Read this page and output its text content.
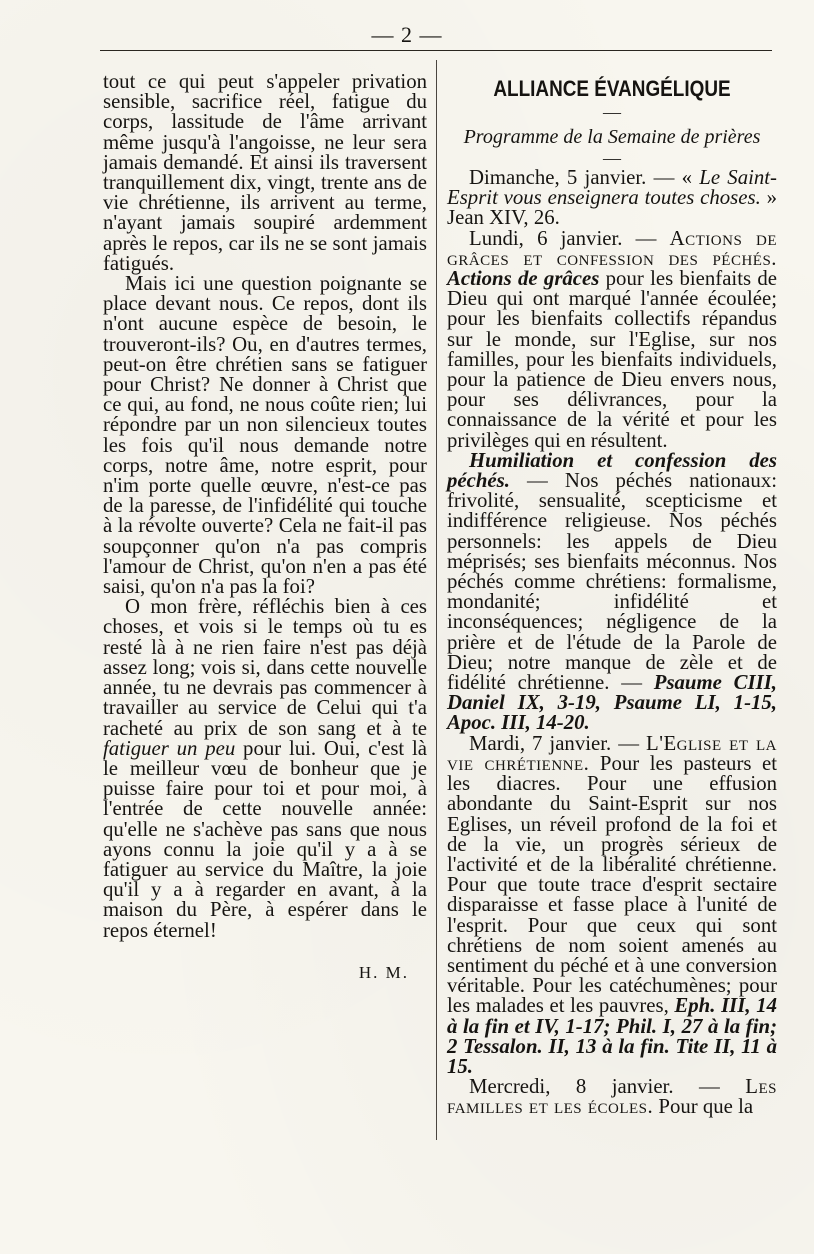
— 2 —

tout ce qui peut s'appeler privation sensible, sacrifice réel, fatigue du corps, lassitude de l'âme arrivant même jusqu'à l'angoisse, ne leur sera jamais demandé. Et ainsi ils traversent tranquillement dix, vingt, trente ans de vie chrétienne, ils arrivent au terme, n'ayant jamais soupiré ardemment après le repos, car ils ne se sont jamais fatigués.

Mais ici une question poignante se place devant nous. Ce repos, dont ils n'ont aucune espèce de besoin, le trouveront-ils? Ou, en d'autres termes, peut-on être chrétien sans se fatiguer pour Christ? Ne donner à Christ que ce qui, au fond, ne nous coûte rien; lui répondre par un non silencieux toutes les fois qu'il nous demande notre corps, notre âme, notre esprit, pour n'im porte quelle œuvre, n'est-ce pas de la paresse, de l'infidélité qui touche à la révolte ouverte? Cela ne fait-il pas soupçonner qu'on n'a pas compris l'amour de Christ, qu'on n'en a pas été saisi, qu'on n'a pas la foi?

O mon frère, réfléchis bien à ces choses, et vois si le temps où tu es resté là à ne rien faire n'est pas déjà assez long; vois si, dans cette nouvelle année, tu ne devrais pas commencer à travailler au service de Celui qui t'a racheté au prix de son sang et à te fatiguer un peu pour lui. Oui, c'est là le meilleur vœu de bonheur que je puisse faire pour toi et pour moi, à l'entrée de cette nouvelle année: qu'elle ne s'achève pas sans que nous ayons connu la joie qu'il y a à se fatiguer au service du Maître, la joie qu'il y a à regarder en avant, à la maison du Père, à espérer dans le repos éternel!

H. M.
ALLIANCE ÉVANGÉLIQUE
—
Programme de la Semaine de prières
—

Dimanche, 5 janvier. — « Le Saint-Esprit vous enseignera toutes choses. » Jean XIV, 26.

Lundi, 6 janvier. — Actions de grâces et confession des péchés. Actions de grâces pour les bienfaits de Dieu qui ont marqué l'année écoulée; pour les bienfaits collectifs répandus sur le monde, sur l'Eglise, sur nos familles, pour les bienfaits individuels, pour la patience de Dieu envers nous, pour ses délivrances, pour la connaissance de la vérité et pour les privilèges qui en résultent.

Humiliation et confession des péchés. — Nos péchés nationaux: frivolité, sensualité, scepticisme et indifférence religieuse. Nos péchés personnels: les appels de Dieu méprisés; ses bienfaits méconnus. Nos péchés comme chrétiens: formalisme, mondanité; infidélité et inconséquences; négligence de la prière et de l'étude de la Parole de Dieu; notre manque de zèle et de fidélité chrétienne. — Psaume CIII, Daniel IX, 3-19, Psaume LI, 1-15, Apoc. III, 14-20.

Mardi, 7 janvier. — L'Eglise et la vie chrétienne. Pour les pasteurs et les diacres. Pour une effusion abondante du Saint-Esprit sur nos Eglises, un réveil profond de la foi et de la vie, un progrès sérieux de l'activité et de la libéralité chrétienne. Pour que toute trace d'esprit sectaire disparaisse et fasse place à l'unité de l'esprit. Pour que ceux qui sont chrétiens de nom soient amenés au sentiment du péché et à une conversion véritable. Pour les catéchumènes; pour les malades et les pauvres, Eph. III, 14 à la fin et IV, 1-17; Phil. I, 27 à la fin; 2 Tessalon. II, 13 à la fin. Tite II, 11 à 15.

Mercredi, 8 janvier. — Les familles et les écoles. Pour que la
